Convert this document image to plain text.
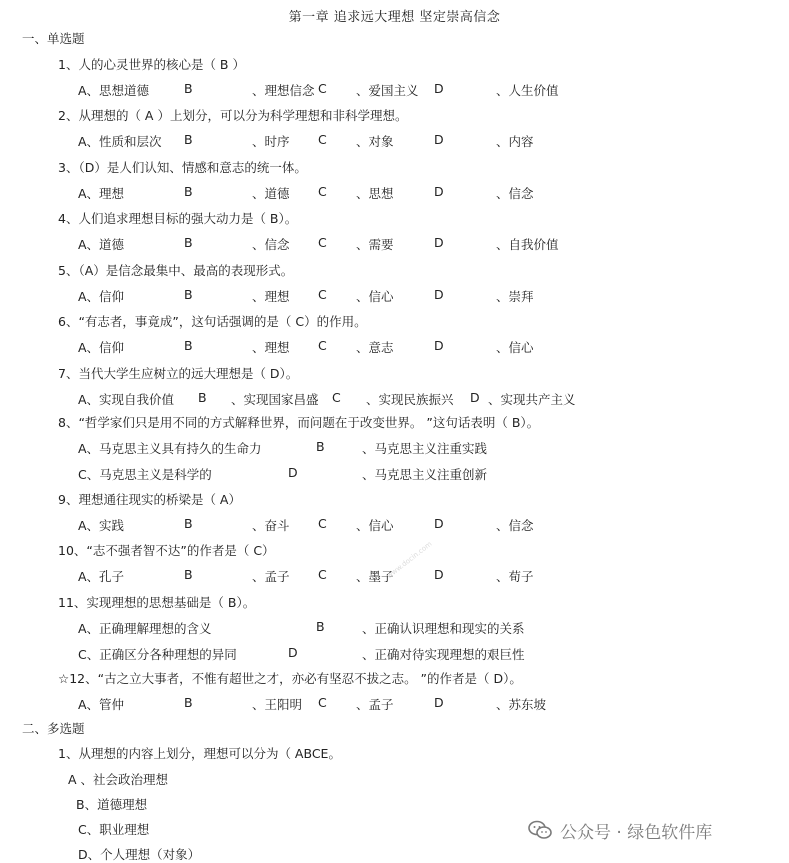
第一章 追求远大理想 坚定崇高信念
一、单选题
1、人的心灵世界的核心是（ B ）
A、思想道德	B	、理想信念 C 、爱国主义 D	、人生价值
2、从理想的（ A ）上划分，可以分为科学理想和非科学理想。
A、性质和层次 B	、时序 C 、对象	D	、内容
3、（D）是人们认知、情感和意志的统一体。
A、理想	B	、道德 C 、思想	D	、信念
4、人们追求理想目标的强大动力是（ B）。
A、道德	B	、信念 C 、需要	D	、自我价值
5、（A）是信念最集中、最高的表现形式。
A、信仰	B	、理想 C 、信心	D	、崇拜
6、“有志者，事竟成”，这句话强调的是（ C）的作用。
A、信仰	B	、理想 C 、意志	D	、信心
7、当代大学生应树立的远大理想是（ D）。
A、实现自我价值 B 、实现国家昌盛 C 、实现民族振兴 D 、实现共产主义
8、“哲学家们只是用不同的方式解释世界，而问题在于改变世界。 ”这句话表明（ B）。
A、马克思主义具有持久的生命力	B	、马克思主义注重实践
C、马克思主义是科学的	D	、马克思主义注重创新
9、理想通往现实的桥梁是（ A）
A、实践	B	、奋斗 C 、信心	D	、信念
10、“志不强者智不达”的作者是（ C）
A、孔子	B	、孟子 C 、墨子	D	、荀子
11、实现理想的思想基础是（ B）。
A、正确理解理想的含义	B	、正确认识理想和现实的关系
C、正确区分各种理想的异同	D	、正确对待实现理想的艰巨性
☆12、“古之立大事者，不惟有超世之才，亦必有坚忍不拔之志。 ”的作者是（ D）。
A、管仲	B	、王阳明 C 、孟子	D	、苏东坡
二、多选题
1、从理想的内容上划分，理想可以分为（ ABCE。
A 、社会政治理想
B、道德理想
C、职业理想
D、个人理想（对象）
公众号 · 绿色软件库
www.docin.com
